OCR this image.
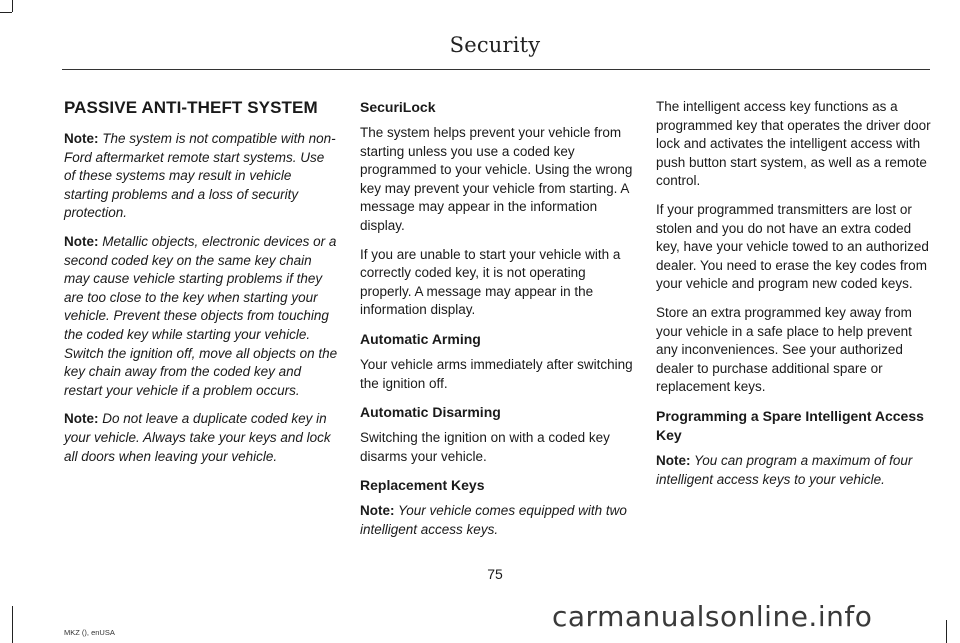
Security
PASSIVE ANTI-THEFT SYSTEM

Note: The system is not compatible with non-Ford aftermarket remote start systems. Use of these systems may result in vehicle starting problems and a loss of security protection.

Note: Metallic objects, electronic devices or a second coded key on the same key chain may cause vehicle starting problems if they are too close to the key when starting your vehicle. Prevent these objects from touching the coded key while starting your vehicle. Switch the ignition off, move all objects on the key chain away from the coded key and restart your vehicle if a problem occurs.

Note: Do not leave a duplicate coded key in your vehicle. Always take your keys and lock all doors when leaving your vehicle.

SecuriLock

The system helps prevent your vehicle from starting unless you use a coded key programmed to your vehicle. Using the wrong key may prevent your vehicle from starting. A message may appear in the information display.

If you are unable to start your vehicle with a correctly coded key, it is not operating properly. A message may appear in the information display.

Automatic Arming

Your vehicle arms immediately after switching the ignition off.

Automatic Disarming

Switching the ignition on with a coded key disarms your vehicle.

Replacement Keys

Note: Your vehicle comes equipped with two intelligent access keys.

The intelligent access key functions as a programmed key that operates the driver door lock and activates the intelligent access with push button start system, as well as a remote control.

If your programmed transmitters are lost or stolen and you do not have an extra coded key, have your vehicle towed to an authorized dealer. You need to erase the key codes from your vehicle and program new coded keys.

Store an extra programmed key away from your vehicle in a safe place to help prevent any inconveniences. See your authorized dealer to purchase additional spare or replacement keys.

Programming a Spare Intelligent Access Key

Note: You can program a maximum of four intelligent access keys to your vehicle.

75
MKZ (), enUSA	carmanualsonline.info
